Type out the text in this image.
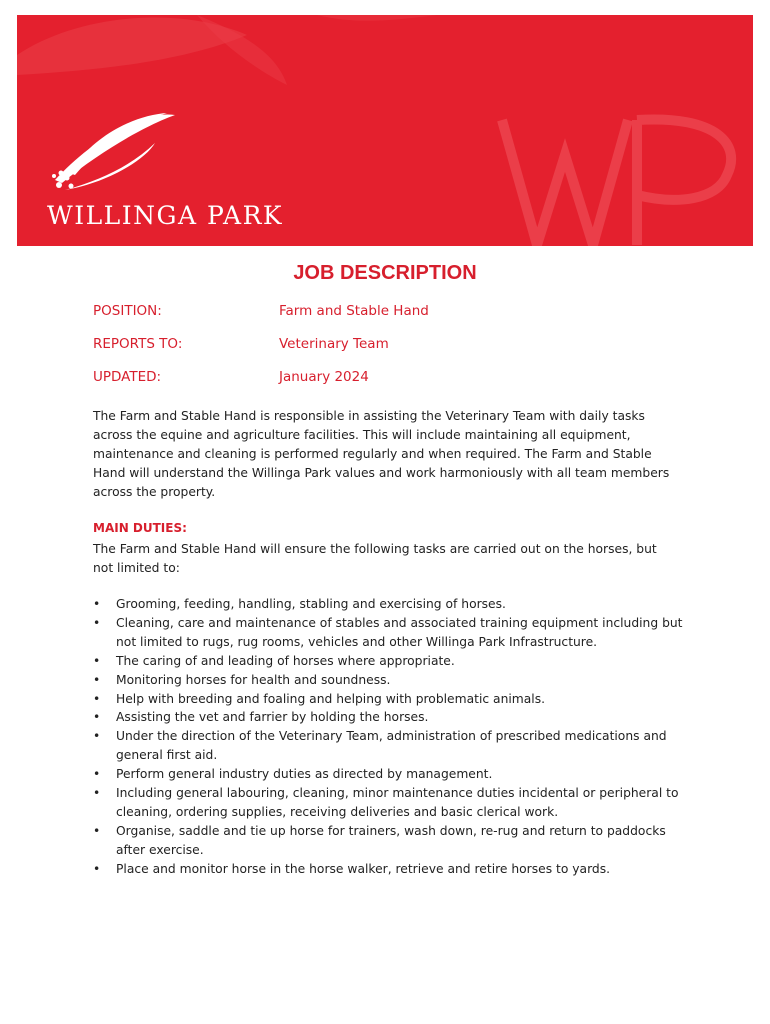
WILLINGA PARK
JOB DESCRIPTION
POSITION:	Farm and Stable Hand
REPORTS TO:	Veterinary Team
UPDATED:	January 2024
The Farm and Stable Hand is responsible in assisting the Veterinary Team with daily tasks across the equine and agriculture facilities. This will include maintaining all equipment, maintenance and cleaning is performed regularly and when required. The Farm and Stable Hand will understand the Willinga Park values and work harmoniously with all team members across the property.
MAIN DUTIES:
The Farm and Stable Hand will ensure the following tasks are carried out on the horses, but not limited to:
• Grooming, feeding, handling, stabling and exercising of horses.
• Cleaning, care and maintenance of stables and associated training equipment including but not limited to rugs, rug rooms, vehicles and other Willinga Park Infrastructure.
• The caring of and leading of horses where appropriate.
• Monitoring horses for health and soundness.
• Help with breeding and foaling and helping with problematic animals.
• Assisting the vet and farrier by holding the horses.
• Under the direction of the Veterinary Team, administration of prescribed medications and general first aid.
• Perform general industry duties as directed by management.
• Including general labouring, cleaning, minor maintenance duties incidental or peripheral to cleaning, ordering supplies, receiving deliveries and basic clerical work.
• Organise, saddle and tie up horse for trainers, wash down, re-rug and return to paddocks after exercise.
• Place and monitor horse in the horse walker, retrieve and retire horses to yards.
